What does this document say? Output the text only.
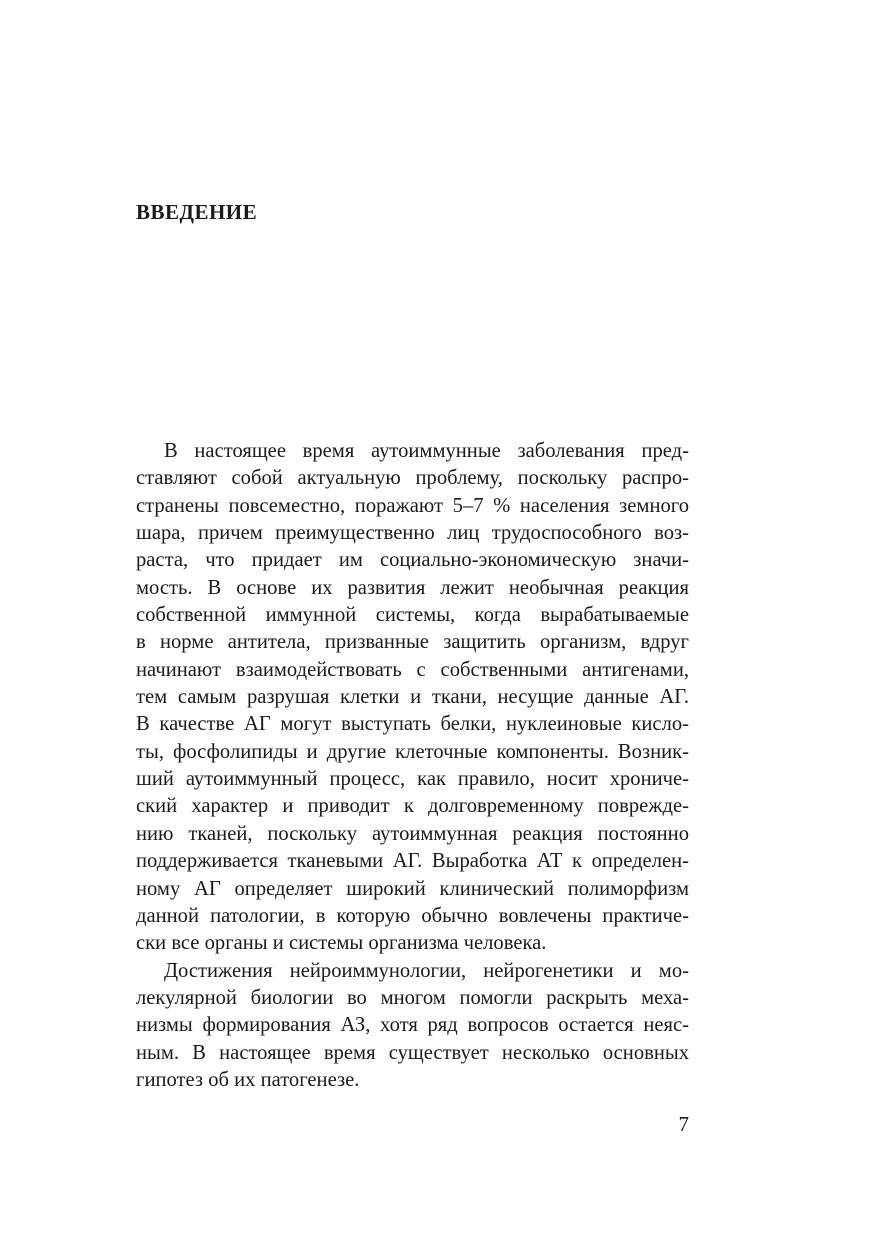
ВВЕДЕНИЕ
В настоящее время аутоиммунные заболевания пред-
ставляют собой актуальную проблему, поскольку распро-
странены повсеместно, поражают 5–7 % населения земного
шара, причем преимущественно лиц трудоспособного воз-
раста, что придает им социально-экономическую значи-
мость. В основе их развития лежит необычная реакция
собственной иммунной системы, когда вырабатываемые
в норме антитела, призванные защитить организм, вдруг
начинают взаимодействовать с собственными антигенами,
тем самым разрушая клетки и ткани, несущие данные АГ.
В качестве АГ могут выступать белки, нуклеиновые кисло-
ты, фосфолипиды и другие клеточные компоненты. Возник-
ший аутоиммунный процесс, как правило, носит хрониче-
ский характер и приводит к долговременному поврежде-
нию тканей, поскольку аутоиммунная реакция постоянно
поддерживается тканевыми АГ. Выработка АТ к определен-
ному АГ определяет широкий клинический полиморфизм
данной патологии, в которую обычно вовлечены практиче-
ски все органы и системы организма человека.
Достижения нейроиммунологии, нейрогенетики и мо-
лекулярной биологии во многом помогли раскрыть меха-
низмы формирования АЗ, хотя ряд вопросов остается неяс-
ным. В настоящее время существует несколько основных
гипотез об их патогенезе.
7
